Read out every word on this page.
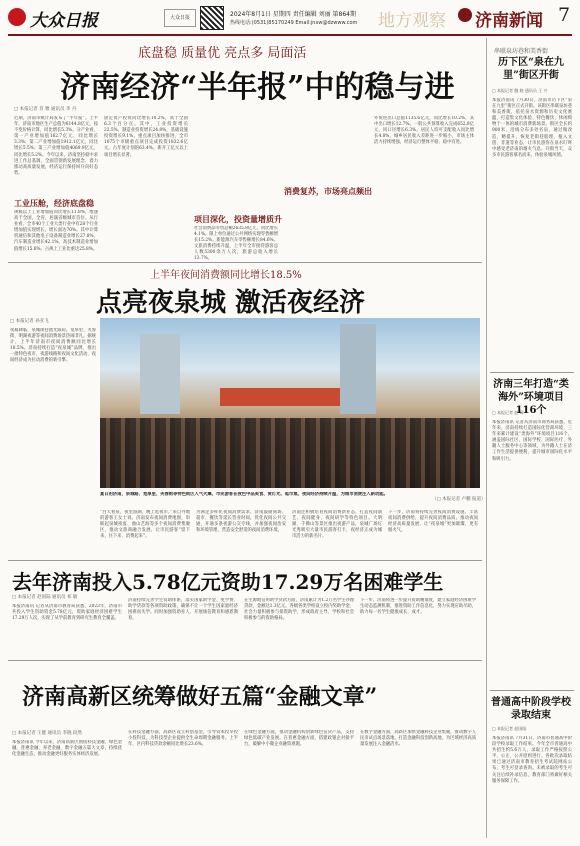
大众日报	大众日报	2024年8月1日 星期四 责任编辑 刘丽 第864期
热线电话:(0531)85170249 Email:jnxw@dzwww.com 地方观察 济南新闻 7
底盘稳 质量优 亮点多 局面活
济南经济“半年报”中的稳与进
□ 本报记者 肖 雅 通讯员 李 丹
近期，济南市统计局发布了“半年报”。上半年，济南市地区生产总值为6144.8亿元，按不变价格计算，同比增长5.3%。分产业看，第一产业增加值162.7亿元，同比增长3.3%；第二产业增加值1912.1亿元，同比增长5.5%；第三产业增加值4069.9亿元，同比增长5.2%。今年以来，济南坚持稳中求进工作总基调，全面贯彻新发展理念，着力推动高质量发展，经济运行保持回升向好态势。
工业压舱，经济底盘稳
规模以上工业增加值同比增长11.8%，增速高于全国、全省，居副省级城市首位。从行业看，全市40个工业大类行业中有28个行业增加值实现增长，增长面达70%。其中计算机通信和其他电子设备制造业增长27.8%，汽车制造业增长42.1%。高技术制造业增加值增长15.6%，占规上工业比重达25.8%。
固定资产投资同比增长10.2%，高于全国6.3个百分点。其中，工业投资增长22.5%，制造业投资增长24.8%，基础设施投资增长9.1%。重点项目加快推进，全市1075个市级重点项目完成投资1832.6亿元，占年度计划的63.4%。新开工亿元以上项目增长显著。
项目深化，投资量增质升
社会消费品零售总额2635.8亿元，同比增长4.1%。限上单位通过公共网络实现零售额增长15.2%。新能源汽车零售额增长84.6%。文旅消费持续升温，上半年全市接待游客总人数5300余万人次，旅游总收入增长13.7%。
消费复苏，市场亮点频出
外贸进出口总值1135.6亿元，同比增长10.2%，其中出口增长12.7%。一般公共预算收入完成652.8亿元，同口径增长6.3%。居民人均可支配收入同比增长4.8%，城乡居民收入差距进一步缩小，市场主体活力持续增强，经济运行整体平稳、稳中有进。
上半年夜间消费额同比增长18.5%
点亮夜泉城 激活夜经济
□ 本报记者 孙亚飞
夜幕降临，泉城街巷流光溢彩。宽厚里、芙蓉街、明湖夜游等夜间消费场景热闹非凡。据统计，上半年济南市夜间消费额同比增长18.5%。济南持续打造“夜泉城”品牌，推出一批特色夜市、夜游线路和夜间文化活动，夜间经济成为拉动消费的新引擎。
夏日的济南，泉城路、宽厚里、芙蓉街等特色街区人气火爆，市民游客在夜色中品美食、赏灯光、逛市集，夜间经济持续升温，为城市消费注入新动能。
（□ 本报记者 卢鹏 报道）
“白天看泉，夜里游湖，晚上逛夜市。”来自外地的游客王女士说。济南发布夜间消费地图，串联起泉城夜宴、曲山艺海等多个夜间消费集聚区，推动文旅商融合发展，让市民游客“留下来、住下来、消费起来”。
为满足多样化夜间消费需求，济南鼓励商场、超市、餐饮等延长营业时间，优化夜间公共交通，开通多条夜游公交专线，并加强夜间治安和环境管理，营造安全舒适的夜间消费环境。
济南还积极培育夜间消费新业态，打造夜间演艺、夜间健身、夜间研学等特色项目。大明湖、千佛山等景区推出夜游产品，泉城广场灯光秀吸引大量市民游客打卡，夜经济正成为城市活力的新名片。
下一步，济南将持续完善夜间消费设施，丰富夜间消费供给，提升夜间消费品质，推动夜间经济高质量发展，让“夜泉城”更加璀璨、更有烟火气。
去年济南投入5.78亿元资助17.29万名困难学生
□ 本报记者 赵国陆 通讯员 祁 敏
本报济南讯 记者从济南市教育局获悉，2023年，济南市共投入学生资助资金5.78亿元，资助家庭经济困难学生17.29万人次，实现了从学前教育到研究生教育全覆盖。
济南持续完善学生资助体系，落实国家助学金、免学费、助学贷款等各项资助政策，确保不让一个学生因家庭经济困难而失学。同时加强资助育人，开展诚信教育和感恩教育。
在生源地信用助学贷款方面，济南累计为1.2万名学生办理贷款，金额达1.3亿元。各级各类学校设立校内奖助学金，社会力量积极参与捐资助学，形成政府主导、学校和社会积极参与的资助格局。
下一步，济南将进一步提升资助精准度，建立家庭经济困难学生动态监测机制，推进资助工作信息化，努力实现应助尽助，助力每一名学生健康成长、成才。
济南高新区统筹做好五篇“金融文章”
□ 本报记者 王健 通讯员 李晓 段然
本报济南讯 今年以来，济南高新区围绕科技金融、绿色金融、普惠金融、养老金融、数字金融五篇大文章，持续优化金融生态，推动金融更好服务实体经济发展。
在科技金融方面，高新区设立科创基金，引导资本投早投小投科技，为科技型企业提供全生命周期金融服务。上半年，区内科技贷款余额同比增长23.6%。
在绿色金融方面，推动金融机构创新绿色信贷产品，支持绿色低碳产业发展。在普惠金融方面，搭建政银企对接平台，破解中小微企业融资难题。
在数字金融方面，高新区加快金融科技企业集聚，推动数字人民币试点场景落地，打造金融科技创新高地，为区域经济高质量发展注入金融活水。
串联泉坊巷和美香街
历下区“泉在九里”街区开街
□ 本报记者 鲍 晓 通讯员 王 兴
本报济南讯 7月30日，济南市历下区“泉在九里”街区正式开街。该街区串联泉坊巷和美香街，依托泉水资源和历史文化底蕴，打造集文化体验、特色餐饮、休闲购物于一体的城市消费新场景。街区全长约900米，沿线分布多处名泉，通过微改造、精提升，恢复老街巷肌理，植入文创、非遗等业态，让市民游客在泉水叮咚中感受老济南的烟火气息。开街当天，众多市民游客慕名而来，体验泉城风情。
济南三年打造“类海外”环境项目116个
□ 本报记者 赵 琛
本报济南讯 记者从济南市商务局获悉，近年来，济南持续打造国际化营商环境，三年来累计建设“类海外”环境项目116个，涵盖国际社区、国际学校、国际医疗、外籍人士服务中心等领域，为外籍人士在济工作生活提供便利，提升城市国际化水平和吸引力。
普通高中阶段学校录取结束
□ 本报记者 赵国陆
本报济南讯 7月31日，济南市普通高中阶段学校录取工作结束。今年全市普通高中共招生约5.6万人，录取工作严格按照公平、公正、公开原则进行。各批次录取结果已通过济南市教育招生考试院网站公布，考生可登录查询。未被录取的考生可关注后续补录信息，教育部门将做好相关服务保障工作。
